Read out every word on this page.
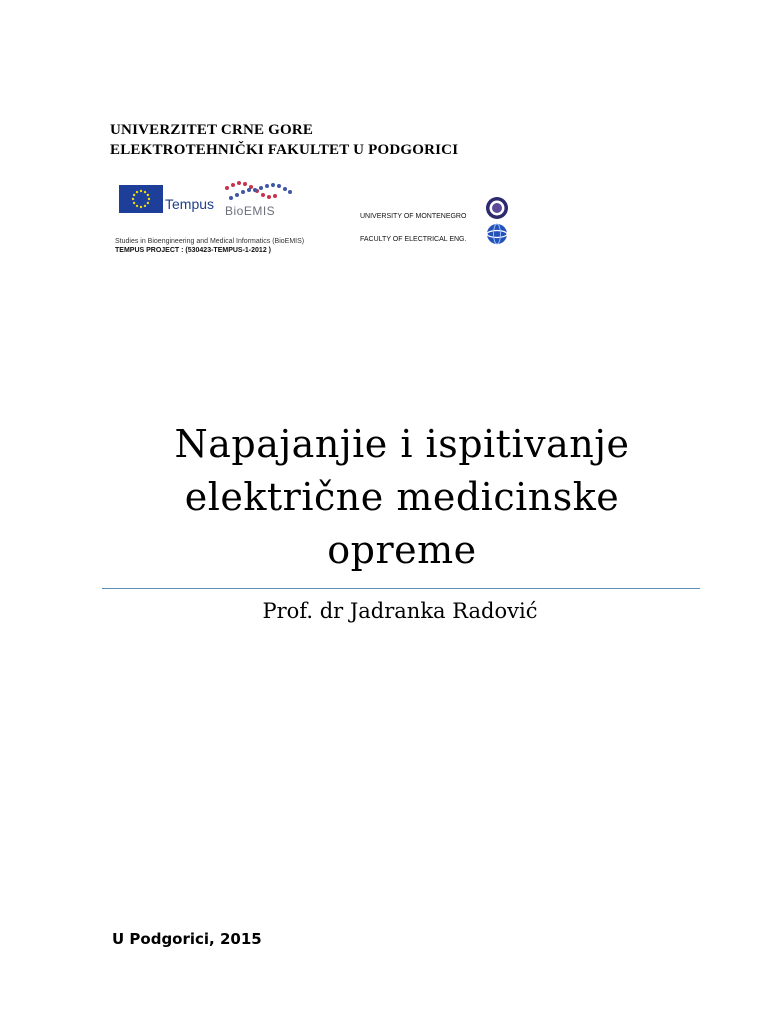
UNIVERZITET CRNE GORE
ELEKTROTEHNIČKI FAKULTET U PODGORICI
Tempus BioEMIS
Studies in Bioengineering and Medical Informatics (BioEMIS)
TEMPUS PROJECT : (530423-TEMPUS-1-2012 )
UNIVERSITY OF MONTENEGRO
FACULTY OF ELECTRICAL ENG.
Napajanjie i ispitivanje
električne medicinske
opreme
Prof. dr Jadranka Radović
U Podgorici, 2015
